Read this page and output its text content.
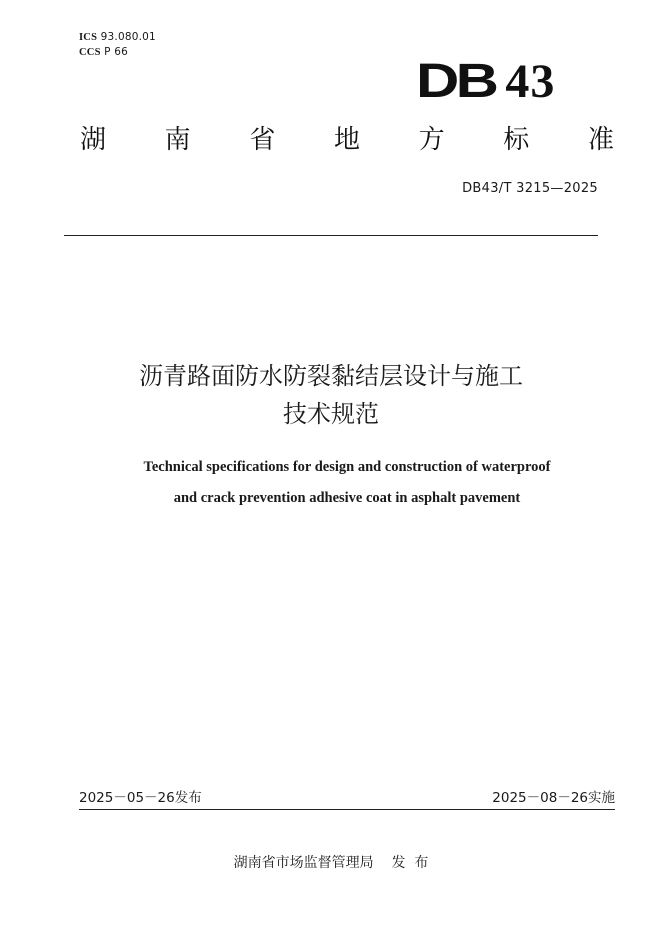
ICS 93.080.01
CCS P 66
DB 43
湖 南 省 地 方 标 准
DB43/T 3215—2025
沥青路面防水防裂黏结层设计与施工
技术规范
Technical specifications for design and construction of waterproof
and crack prevention adhesive coat in asphalt pavement
2025－05－26发布	2025－08－26实施
湖南省市场监督管理局    发  布
